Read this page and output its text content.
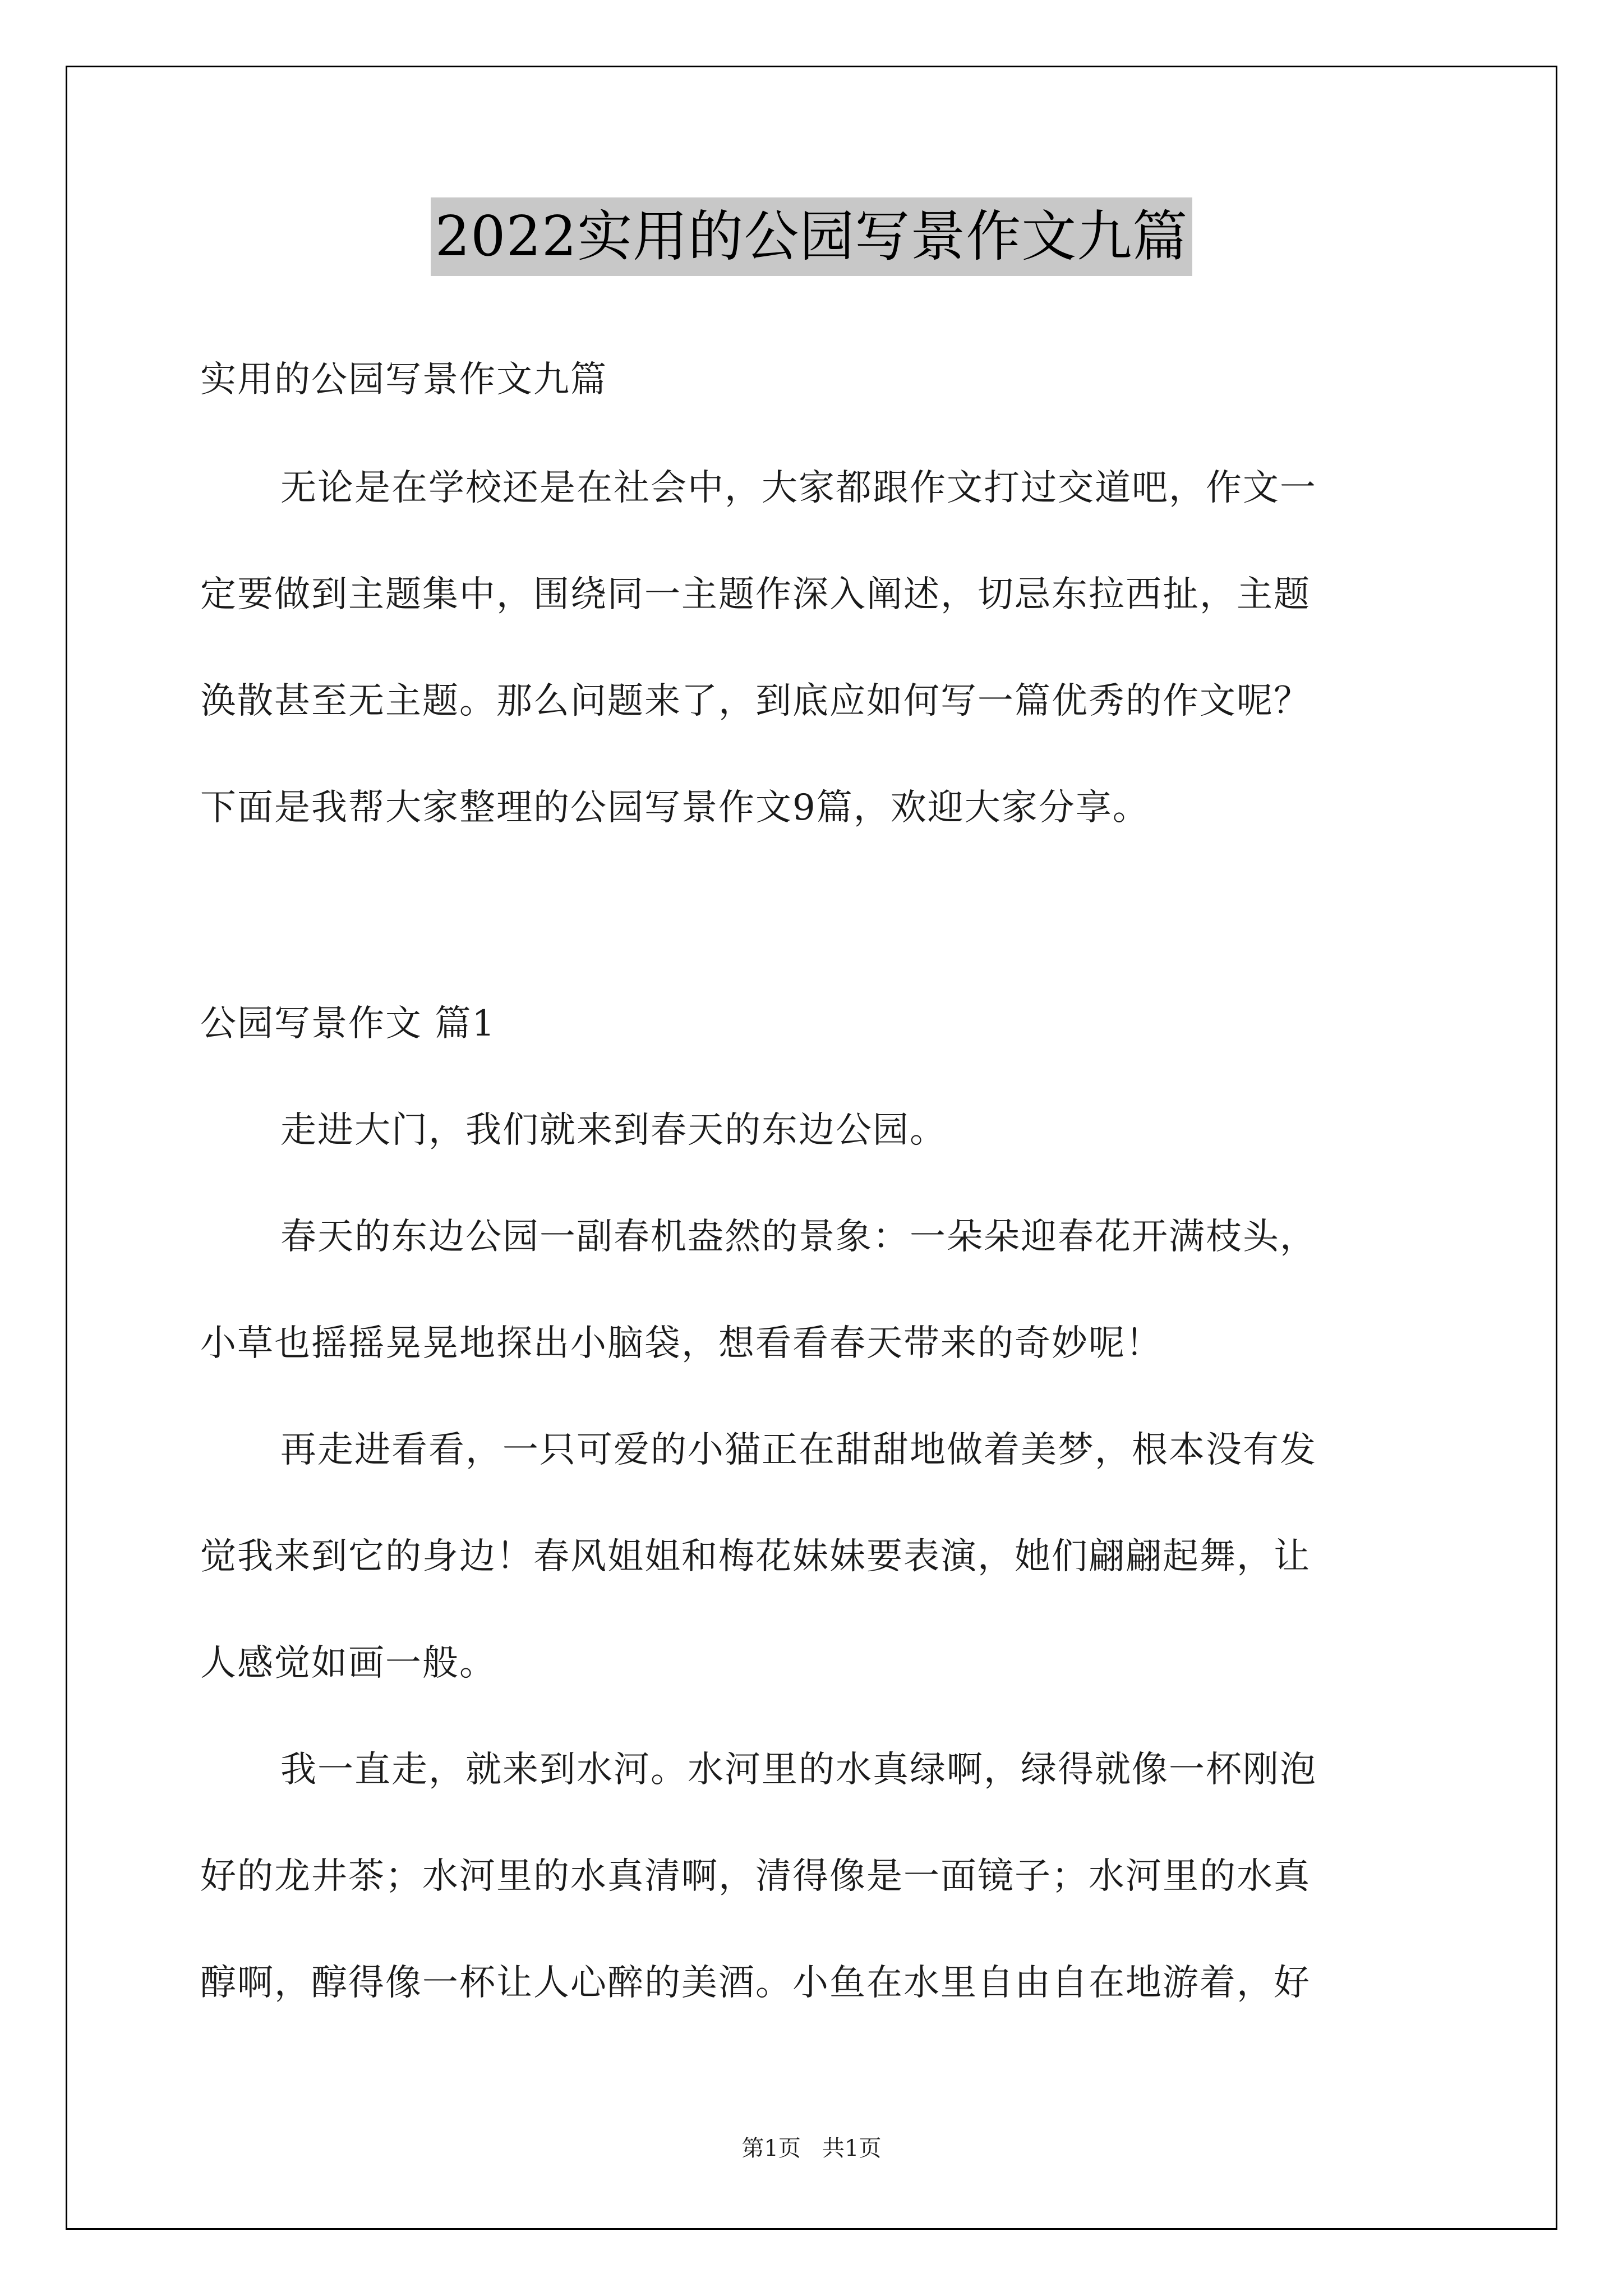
2022实用的公园写景作文九篇
实用的公园写景作文九篇
无论是在学校还是在社会中，大家都跟作文打过交道吧，作文一
定要做到主题集中，围绕同一主题作深入阐述，切忌东拉西扯，主题
涣散甚至无主题。那么问题来了，到底应如何写一篇优秀的作文呢？
下面是我帮大家整理的公园写景作文9篇，欢迎大家分享。
公园写景作文 篇1
走进大门，我们就来到春天的东边公园。
春天的东边公园一副春机盎然的景象：一朵朵迎春花开满枝头，
小草也摇摇晃晃地探出小脑袋，想看看春天带来的奇妙呢！
再走进看看，一只可爱的小猫正在甜甜地做着美梦，根本没有发
觉我来到它的身边！春风姐姐和梅花妹妹要表演，她们翩翩起舞，让
人感觉如画一般。
我一直走，就来到水河。水河里的水真绿啊，绿得就像一杯刚泡
好的龙井茶；水河里的水真清啊，清得像是一面镜子；水河里的水真
醇啊，醇得像一杯让人心醉的美酒。小鱼在水里自由自在地游着，好
第1页   共1页
